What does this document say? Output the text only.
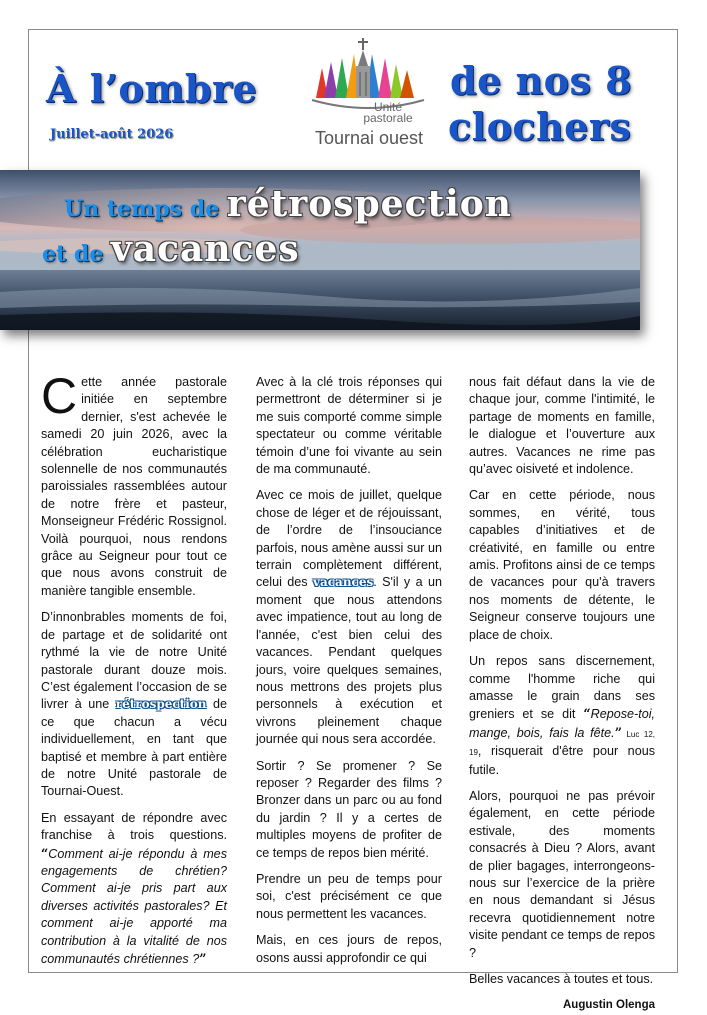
À l’ombre	de nos 8
clochers
Juillet-août 2026
Unité
pastorale
Tournai ouest
Un temps de rétrospection
et de vacances

Cette année pastorale initiée en septembre dernier, s'est achevée le samedi 20 juin 2026, avec la célébration eucharistique solennelle de nos communautés paroissiales rassemblées autour de notre frère et pasteur, Monseigneur Frédéric Rossignol. Voilà pourquoi, nous rendons grâce au Seigneur pour tout ce que nous avons construit de manière tangible ensemble.

D’innonbrables moments de foi, de partage et de solidarité ont rythmé la vie de notre Unité pastorale durant douze mois. C’est également l’occasion de se livrer à une rétrospection de ce que chacun a vécu individuellement, en tant que baptisé et membre à part entière de notre Unité pastorale de Tournai-Ouest.

En essayant de répondre avec franchise à trois questions. “Comment ai-je répondu à mes engagements de chrétien? Comment ai-je pris part aux diverses activités pastorales? Et comment ai-je apporté ma contribution à la vitalité de nos communautés chrétiennes ?”

Avec à la clé trois réponses qui permettront de déterminer si je me suis comporté comme simple spectateur ou comme véritable témoin d’une foi vivante au sein de ma communauté.

Avec ce mois de juillet, quelque chose de léger et de réjouissant, de l’ordre de l’insouciance parfois, nous amène aussi sur un terrain complètement différent, celui des vacances. S'il y a un moment que nous attendons avec impatience, tout au long de l'année, c'est bien celui des vacances. Pendant quelques jours, voire quelques semaines, nous mettrons des projets plus personnels à exécution et vivrons pleinement chaque journée qui nous sera accordée.

Sortir ? Se promener ? Se reposer ? Regarder des films ? Bronzer dans un parc ou au fond du jardin ? Il y a certes de multiples moyens de profiter de ce temps de repos bien mérité.

Prendre un peu de temps pour soi, c'est précisément ce que nous permettent les vacances.

Mais, en ces jours de repos, osons aussi approfondir ce qui

nous fait défaut dans la vie de chaque jour, comme l'intimité, le partage de moments en famille, le dialogue et l’ouverture aux autres. Vacances ne rime pas qu’avec oisiveté et indolence.

Car en cette période, nous sommes, en vérité, tous capables d’initiatives et de créativité, en famille ou entre amis. Profitons ainsi de ce temps de vacances pour qu'à travers nos moments de détente, le Seigneur conserve toujours une place de choix.

Un repos sans discernement, comme l'homme riche qui amasse le grain dans ses greniers et se dit “Repose-toi, mange, bois, fais la fête.” Luc 12, 19, risquerait d'être pour nous futile.

Alors, pourquoi ne pas prévoir également, en cette période estivale, des moments consacrés à Dieu ? Alors, avant de plier bagages, interrongeons-nous sur l’exercice de la prière en nous demandant si Jésus recevra quotidiennement notre visite pendant ce temps de repos ?

Belles vacances à toutes et tous.

Augustin Olenga
